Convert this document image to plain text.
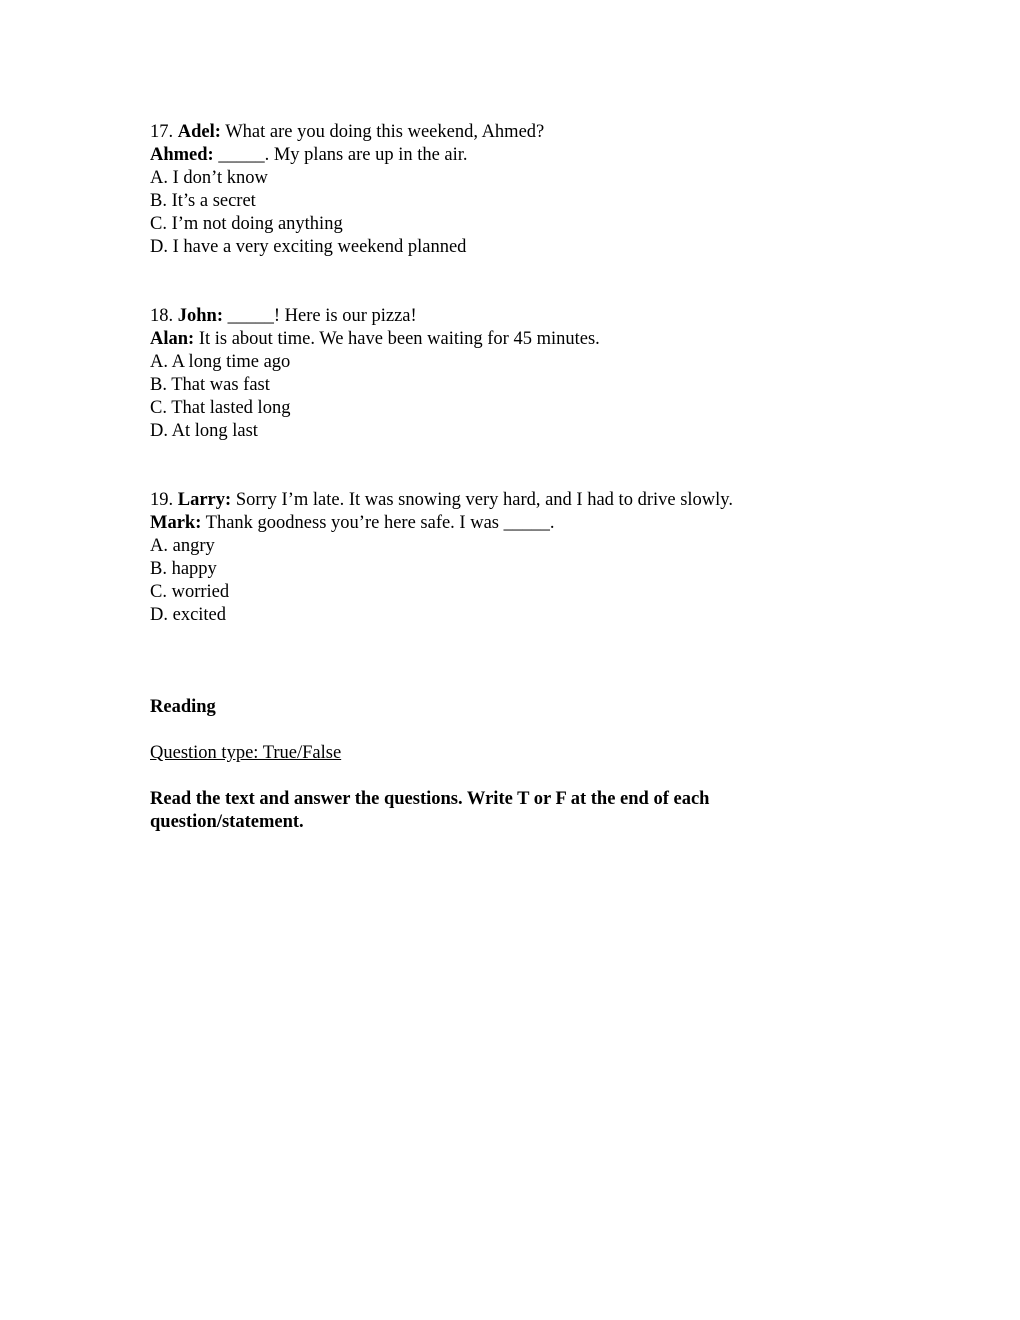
17. Adel: What are you doing this weekend, Ahmed?
Ahmed: _____. My plans are up in the air.
A. I don’t know
B. It’s a secret
C. I’m not doing anything
D. I have a very exciting weekend planned
18. John: _____! Here is our pizza!
Alan: It is about time. We have been waiting for 45 minutes.
A. A long time ago
B. That was fast
C. That lasted long
D. At long last
19. Larry: Sorry I’m late. It was snowing very hard, and I had to drive slowly.
Mark: Thank goodness you’re here safe. I was _____.
A. angry
B. happy
C. worried
D. excited
Reading
Question type: True/False
Read the text and answer the questions. Write T or F at the end of each
question/statement.
